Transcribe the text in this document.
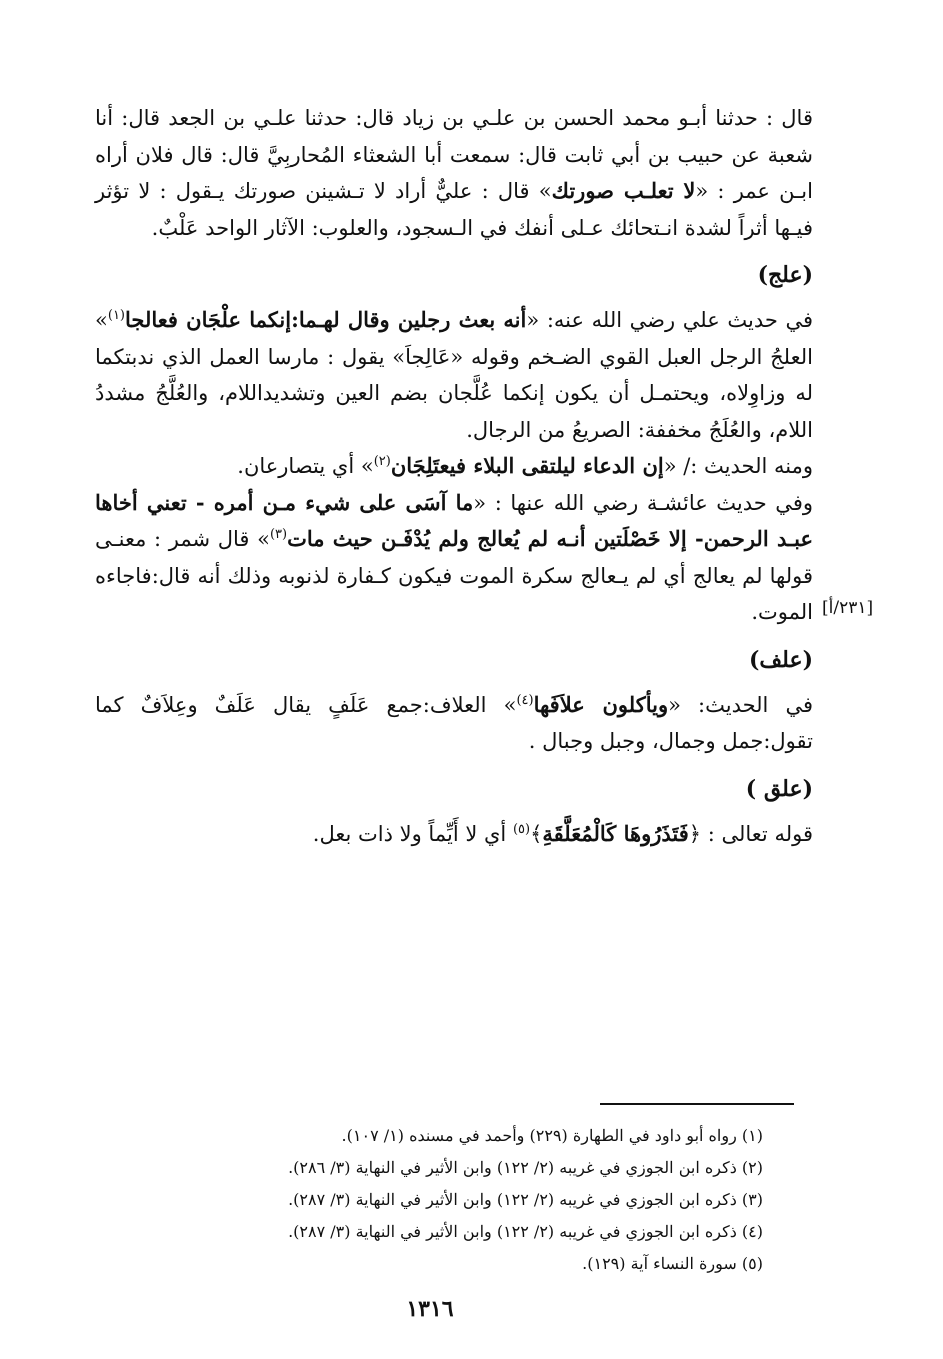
[٢٣١/أ]

قال : حدثنا أبـو محمد الحسن بن علـي بن زياد قال: حدثنا علـي بن الجعد قال: أنا شعبة عن حبيب بن أبي ثابت قال: سمعت أبا الشعثاء المُحاربِيَّ قال: قال فلان أراه ابـن عمر : «لا تعلـب صورتك» قال : عليٌّ أراد لا تـشينن صورتك يـقول : لا تؤثر فيـها أثراً لشدة انـتحائك عـلى أنفك في الـسجود، والعلوب: الآثار الواحد عَلْبٌ.

(علج)

في حديث علي رضي الله عنه: «أنه بعث رجلين وقال لهـما:إنكما علْجَان فعالجا$^{(١)}$» العلجُ الرجل العبل القوي الضـخم وقوله «عَالِجاَ» يقول : مارسا العمل الذي ندبتكما له وزاوِلاه، ويحتمـل أن يكون إنكما عُلَّجان بضم العين وتشديداللام، والعُلَّجُ مشددُ اللام، والعُلَجُ مخففة: الصريعُ من الرجال.

ومنه الحديث :/ «إن الدعاء ليلتقى البلاء فيعتَلِجَان$^{(٢)}$» أي يتصارعان.

وفي حديث عائشـة رضي الله عنها : «ما آسَى على شيء مـن أمره - تعني أخاها عبـد الرحمن- إلا خَصْلَتين أنـه لم يُعالج ولم يُدْفَـن حيث مات$^{(٣)}$» قال شمر : معنـى قولها لم يعالج أي لم يـعالج سكرة الموت فيكون كـفارة لذنوبه وذلك أنه قال:فاجاءه الموت.

(علف)

في الحديث: «ويأكلون علاَفَها$^{(٤)}$» العلاف:جمع عَلَفٍ يقال عَلَفٌ وعِلاَفٌ كما تقول:جمل وجمال، وجبل وجبال .

(علق )

قوله تعالى : ﴿فَتَذَرُوهَا كَالْمُعَلَّقَةِ﴾$^{(٥)}$ أي لا أَيِّماً ولا ذات بعل.

(١) رواه أبو داود في الطهارة (٢٢٩) وأحمد في مسنده (١/ ١٠٧).
(٢) ذكره ابن الجوزي في غريبه (٢/ ١٢٢) وابن الأثير في النهاية (٣/ ٢٨٦).
(٣) ذكره ابن الجوزي في غريبه (٢/ ١٢٢) وابن الأثير في النهاية (٣/ ٢٨٧).
(٤) ذكره ابن الجوزي في غريبه (٢/ ١٢٢) وابن الأثير في النهاية (٣/ ٢٨٧).
(٥) سورة النساء آية (١٢٩).
١٣١٦
